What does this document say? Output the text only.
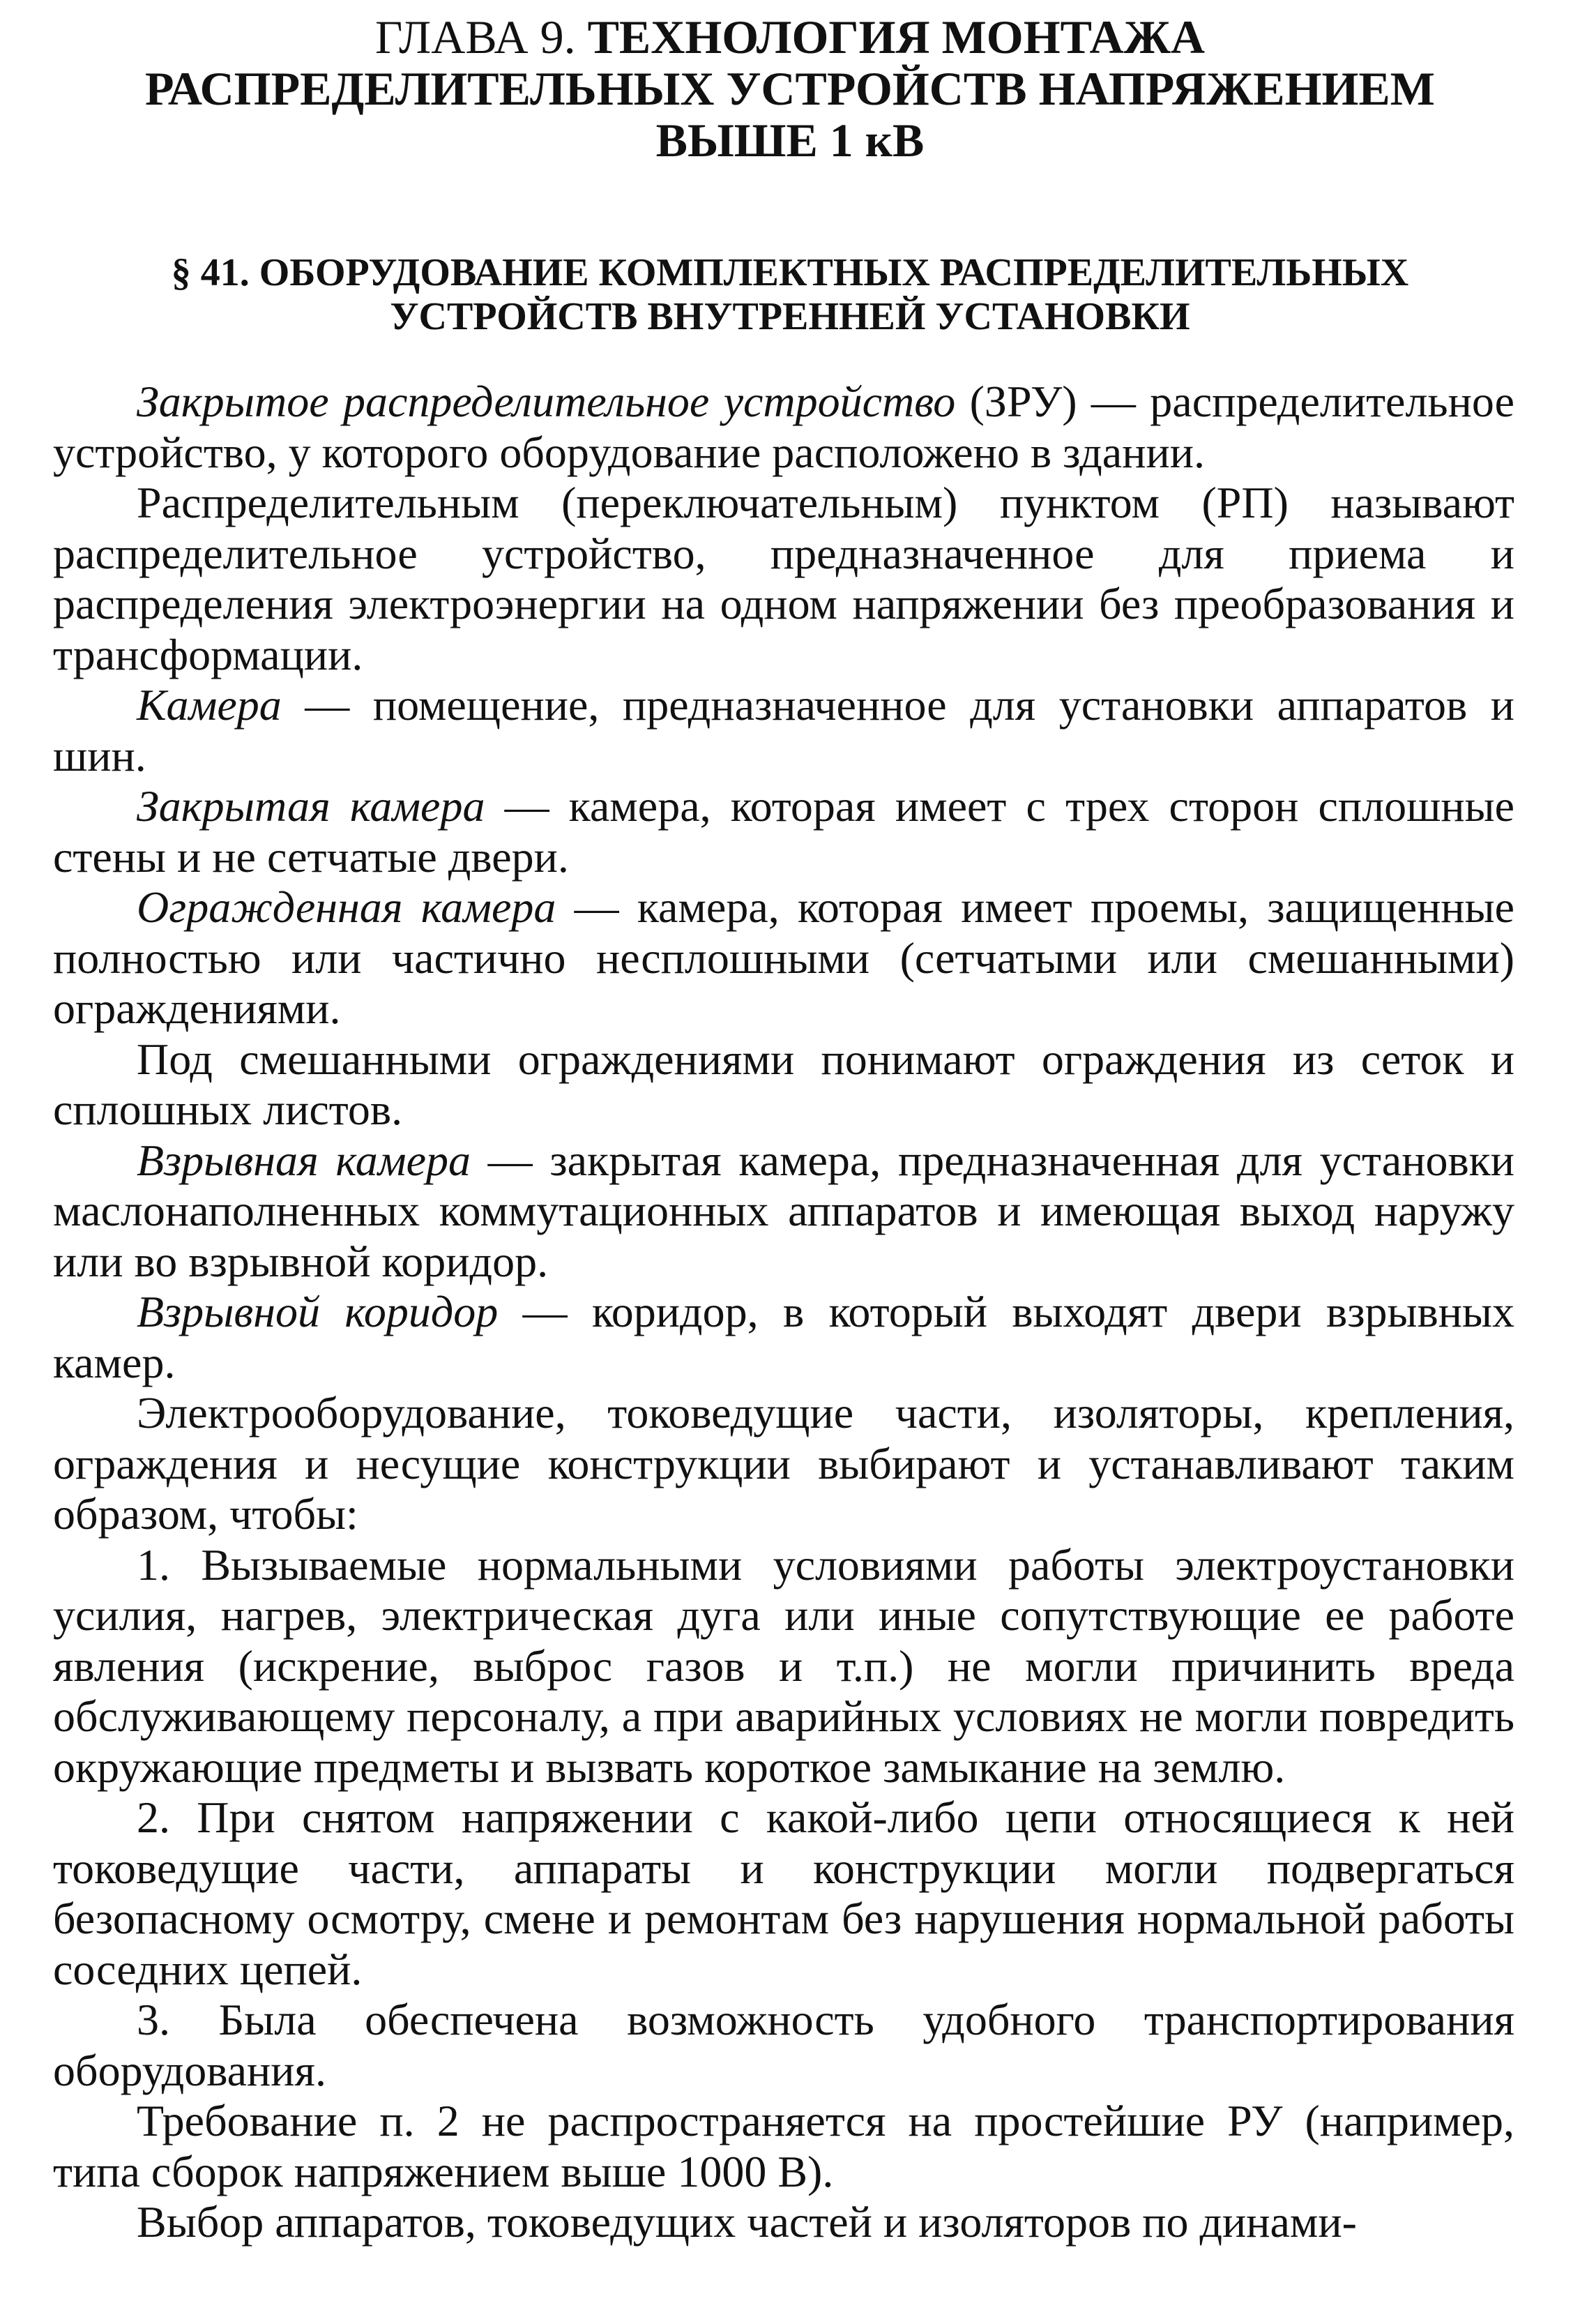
ГЛАВА 9. ТЕХНОЛОГИЯ МОНТАЖА
РАСПРЕДЕЛИТЕЛЬНЫХ УСТРОЙСТВ НАПРЯЖЕНИЕМ
ВЫШЕ 1 кВ
§ 41. ОБОРУДОВАНИЕ КОМПЛЕКТНЫХ РАСПРЕДЕЛИТЕЛЬНЫХ
УСТРОЙСТВ ВНУТРЕННЕЙ УСТАНОВКИ

Закрытое распределительное устройство (ЗРУ) — распределительное устройство, у которого оборудование расположено в здании.

Распределительным (переключательным) пунктом (РП) называют распределительное устройство, предназначенное для приема и распределения электроэнергии на одном напряжении без преобразования и трансформации.

Камера — помещение, предназначенное для установки аппаратов и шин.

Закрытая камера — камера, которая имеет с трех сторон сплошные стены и не сетчатые двери.

Огражденная камера — камера, которая имеет проемы, защищенные полностью или частично несплошными (сетчатыми или смешанными) ограждениями.

Под смешанными ограждениями понимают ограждения из сеток и сплошных листов.

Взрывная камера — закрытая камера, предназначенная для установки маслонаполненных коммутационных аппаратов и имеющая выход наружу или во взрывной коридор.

Взрывной коридор — коридор, в который выходят двери взрывных камер.

Электрооборудование, токоведущие части, изоляторы, крепления, ограждения и несущие конструкции выбирают и устанавливают таким образом, чтобы:

1. Вызываемые нормальными условиями работы электроустановки усилия, нагрев, электрическая дуга или иные сопутствующие ее работе явления (искрение, выброс газов и т.п.) не могли причинить вреда обслуживающему персоналу, а при аварийных условиях не могли повредить окружающие предметы и вызвать короткое замыкание на землю.

2. При снятом напряжении с какой-либо цепи относящиеся к ней токоведущие части, аппараты и конструкции могли подвергаться безопасному осмотру, смене и ремонтам без нарушения нормальной работы соседних цепей.

3. Была обеспечена возможность удобного транспортирования оборудования.

Требование п. 2 не распространяется на простейшие РУ (например, типа сборок напряжением выше 1000 В).

Выбор аппаратов, токоведущих частей и изоляторов по динами-
